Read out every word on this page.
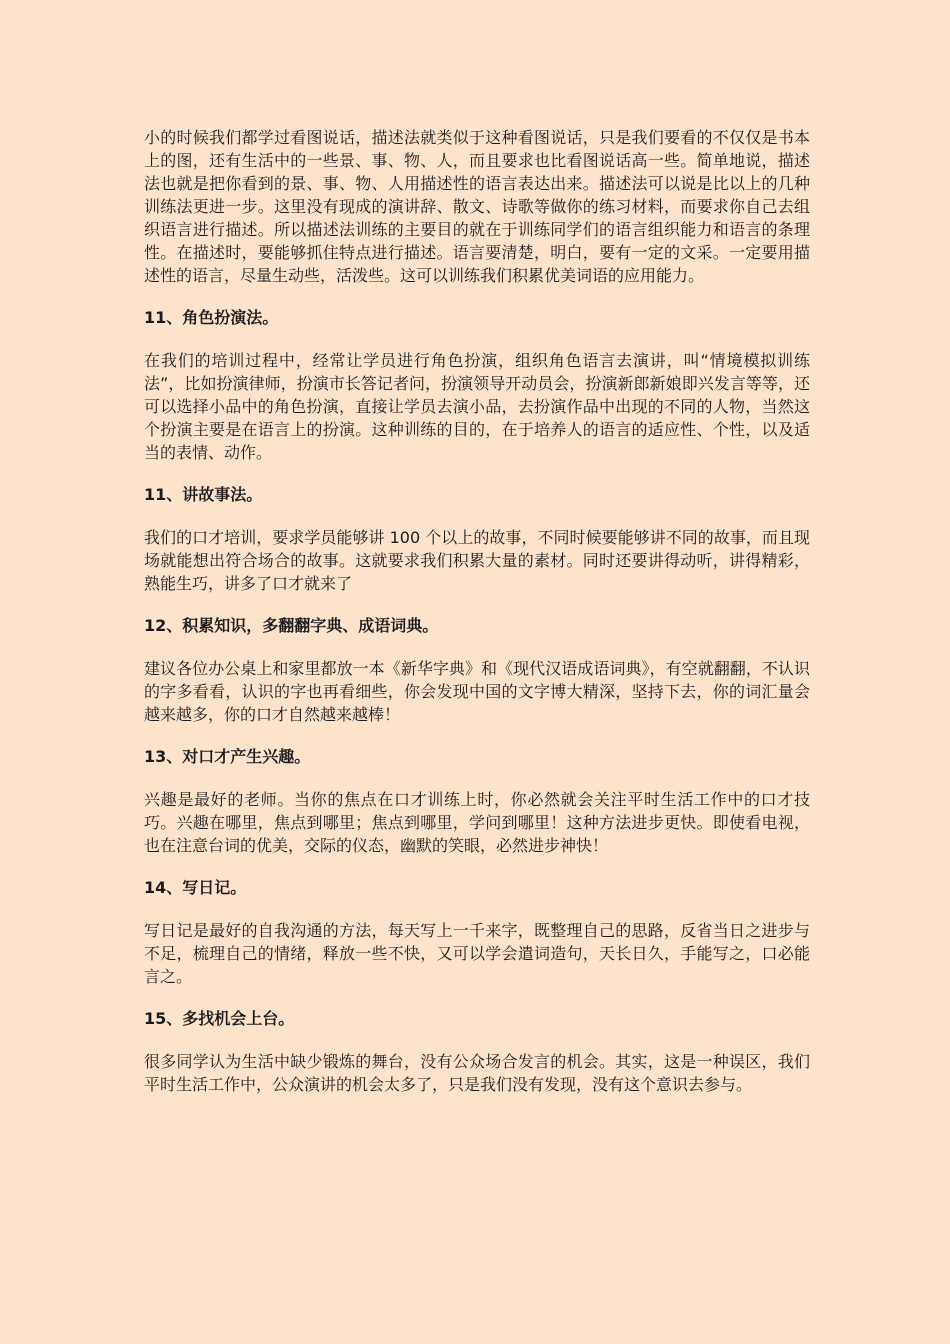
小的时候我们都学过看图说话，描述法就类似于这种看图说话，只是我们要看的不仅仅是书本上的图，还有生活中的一些景、事、物、人，而且要求也比看图说话高一些。简单地说，描述法也就是把你看到的景、事、物、人用描述性的语言表达出来。描述法可以说是比以上的几种训练法更进一步。这里没有现成的演讲辞、散文、诗歌等做你的练习材料，而要求你自己去组织语言进行描述。所以描述法训练的主要目的就在于训练同学们的语言组织能力和语言的条理性。在描述时，要能够抓住特点进行描述。语言要清楚，明白，要有一定的文采。一定要用描述性的语言，尽量生动些，活泼些。这可以训练我们积累优美词语的应用能力。

11、角色扮演法。

在我们的培训过程中，经常让学员进行角色扮演，组织角色语言去演讲，叫“情境模拟训练法”，比如扮演律师，扮演市长答记者问，扮演领导开动员会，扮演新郎新娘即兴发言等等，还可以选择小品中的角色扮演，直接让学员去演小品，去扮演作品中出现的不同的人物，当然这个扮演主要是在语言上的扮演。这种训练的目的，在于培养人的语言的适应性、个性，以及适当的表情、动作。

11、讲故事法。

我们的口才培训，要求学员能够讲 100 个以上的故事，不同时候要能够讲不同的故事，而且现场就能想出符合场合的故事。这就要求我们积累大量的素材。同时还要讲得动听，讲得精彩，熟能生巧，讲多了口才就来了

12、积累知识，多翻翻字典、成语词典。

建议各位办公桌上和家里都放一本《新华字典》和《现代汉语成语词典》，有空就翻翻，不认识的字多看看，认识的字也再看细些，你会发现中国的文字博大精深，坚持下去，你的词汇量会越来越多，你的口才自然越来越棒！

13、对口才产生兴趣。

兴趣是最好的老师。当你的焦点在口才训练上时，你必然就会关注平时生活工作中的口才技巧。兴趣在哪里，焦点到哪里；焦点到哪里，学问到哪里！这种方法进步更快。即使看电视，也在注意台词的优美，交际的仪态，幽默的笑眼，必然进步神快！

14、写日记。

写日记是最好的自我沟通的方法，每天写上一千来字，既整理自己的思路，反省当日之进步与不足，梳理自己的情绪，释放一些不快，又可以学会遣词造句，天长日久，手能写之，口必能言之。

15、多找机会上台。

很多同学认为生活中缺少锻炼的舞台，没有公众场合发言的机会。其实，这是一种误区，我们平时生活工作中，公众演讲的机会太多了，只是我们没有发现，没有这个意识去参与。
